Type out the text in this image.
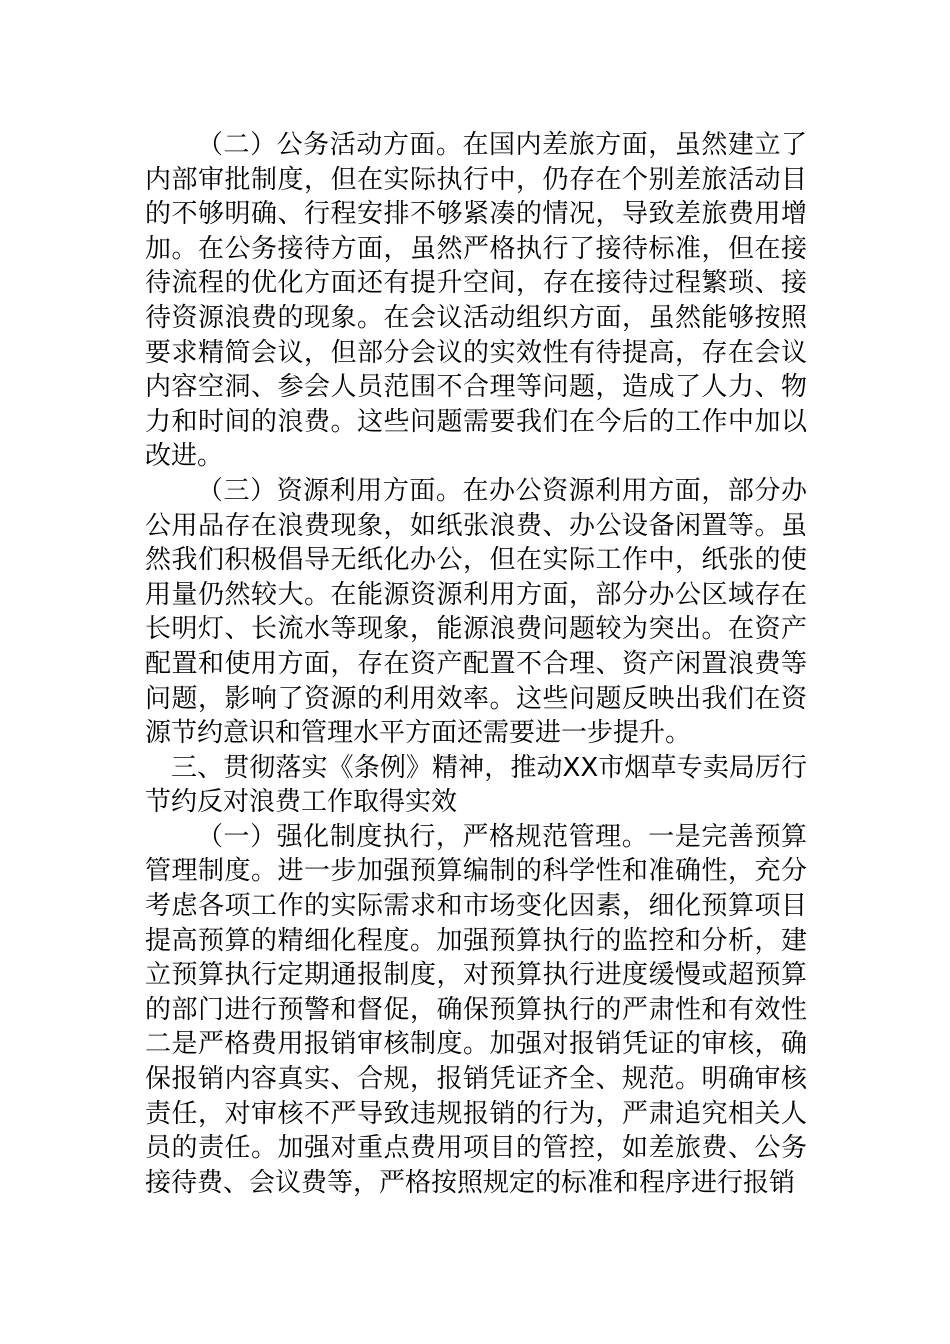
（二）公务活动方面。在国内差旅方面，虽然建立了内部审批制度，但在实际执行中，仍存在个别差旅活动目的不够明确、行程安排不够紧凑的情况，导致差旅费用增加。在公务接待方面，虽然严格执行了接待标准，但在接待流程的优化方面还有提升空间，存在接待过程繁琐、接待资源浪费的现象。在会议活动组织方面，虽然能够按照要求精简会议，但部分会议的实效性有待提高，存在会议内容空洞、参会人员范围不合理等问题，造成了人力、物力和时间的浪费。这些问题需要我们在今后的工作中加以改进。

（三）资源利用方面。在办公资源利用方面，部分办公用品存在浪费现象，如纸张浪费、办公设备闲置等。虽然我们积极倡导无纸化办公，但在实际工作中，纸张的使用量仍然较大。在能源资源利用方面，部分办公区域存在长明灯、长流水等现象，能源浪费问题较为突出。在资产配置和使用方面，存在资产配置不合理、资产闲置浪费等问题，影响了资源的利用效率。这些问题反映出我们在资源节约意识和管理水平方面还需要进一步提升。

三、贯彻落实《条例》精神，推动XX市烟草专卖局厉行节约反对浪费工作取得实效

（一）强化制度执行，严格规范管理。一是完善预算管理制度。进一步加强预算编制的科学性和准确性，充分考虑各项工作的实际需求和市场变化因素，细化预算项目提高预算的精细化程度。加强预算执行的监控和分析，建立预算执行定期通报制度，对预算执行进度缓慢或超预算的部门进行预警和督促，确保预算执行的严肃性和有效性二是严格费用报销审核制度。加强对报销凭证的审核，确保报销内容真实、合规，报销凭证齐全、规范。明确审核责任，对审核不严导致违规报销的行为，严肃追究相关人员的责任。加强对重点费用项目的管控，如差旅费、公务接待费、会议费等，严格按照规定的标准和程序进行报销
